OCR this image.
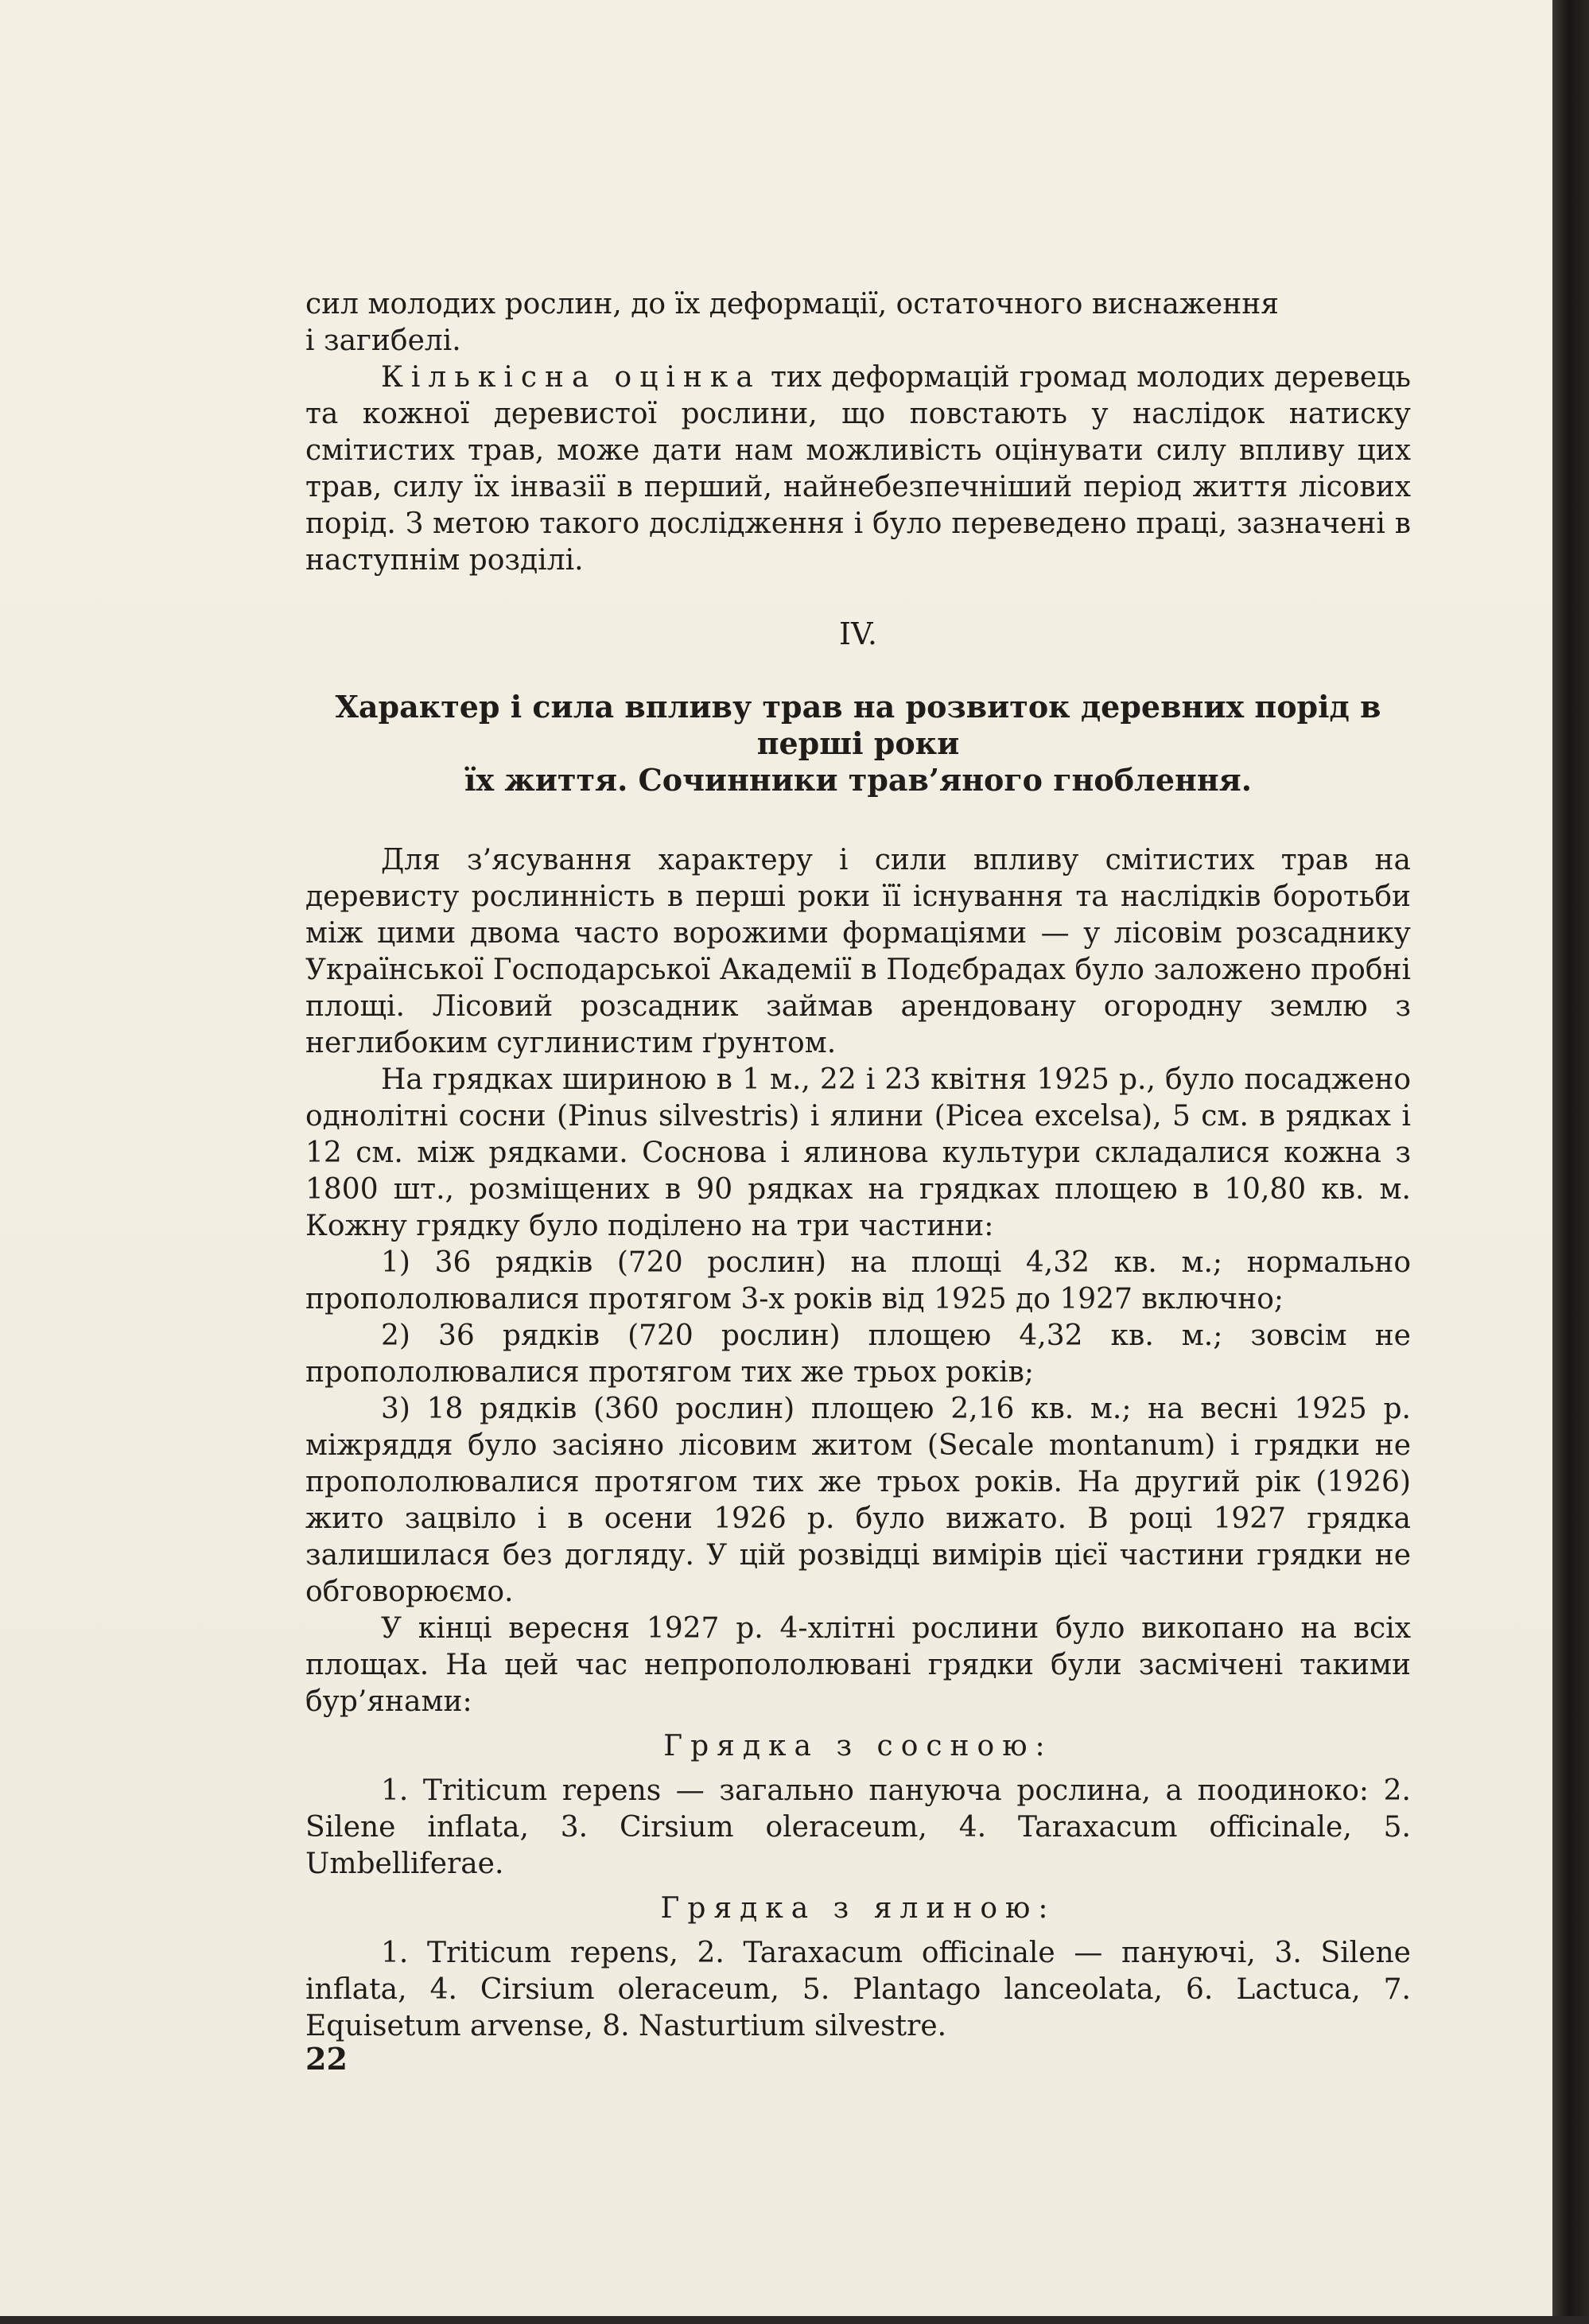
сил молодих рослин, до їх деформації, остаточного виснаження
і загибелі.

Кількісна оцінка тих деформацій громад молодих деревець та кожної деревистої рослини, що повстають у наслідок натиску смітистих трав, може дати нам можливість оцінувати силу впливу цих трав, силу їх інвазії в перший, найнебезпечніший період життя лісових порід. З метою такого дослідження і було переведено праці, зазначені в наступнім розділі.

IV.
Характер і сила впливу трав на розвиток деревних порід в перші роки
їх життя. Сочинники трав’яного гноблення.

Для з’ясування характеру і сили впливу смітистих трав на деревисту рослинність в перші роки її існування та наслідків боротьби між цими двома часто ворожими формаціями — у лісовім розсаднику Української Господарської Академії в Подєбрадах було заложено пробні площі. Лісовий розсадник займав арендовану огородну землю з неглибоким суглинистим ґрунтом.

На грядках шириною в 1 м., 22 і 23 квітня 1925 р., було посаджено однолітні сосни (Pinus silvestris) і ялини (Picea excelsa), 5 см. в рядках і 12 см. між рядками. Соснова і ялинова культури складалися кожна з 1800 шт., розміщених в 90 рядках на грядках площею в 10,80 кв. м. Кожну грядку було поділено на три частини:

1) 36 рядків (720 рослин) на площі 4,32 кв. м.; нормально пропололювалися протягом 3-х років від 1925 до 1927 включно;

2) 36 рядків (720 рослин) площею 4,32 кв. м.; зовсім не пропололювалися протягом тих же трьох років;

3) 18 рядків (360 рослин) площею 2,16 кв. м.; на весні 1925 р. міжряддя було засіяно лісовим житом (Secale montanum) і грядки не пропололювалися протягом тих же трьох років. На другий рік (1926) жито зацвіло і в осени 1926 р. було вижато. В році 1927 грядка залишилася без догляду. У цій розвідці вимірів цієї частини грядки не обговорюємо.

У кінці вересня 1927 р. 4-хлітні рослини було викопано на всіх площах. На цей час непропололювані грядки були засмічені такими бур’янами:

Грядка з сосною:

1. Triticum repens — загально пануюча рослина, а поодиноко: 2. Silene inflata, 3. Cirsium oleraceum, 4. Taraxacum officinale, 5. Umbelliferae.

Грядка з ялиною:

1. Triticum repens, 2. Taraxacum officinale — пануючі, 3. Silene inflata, 4. Cirsium oleraceum, 5. Plantago lanceolata, 6. Lactuca, 7. Equisetum arvense, 8. Nasturtium silvestre.

22
